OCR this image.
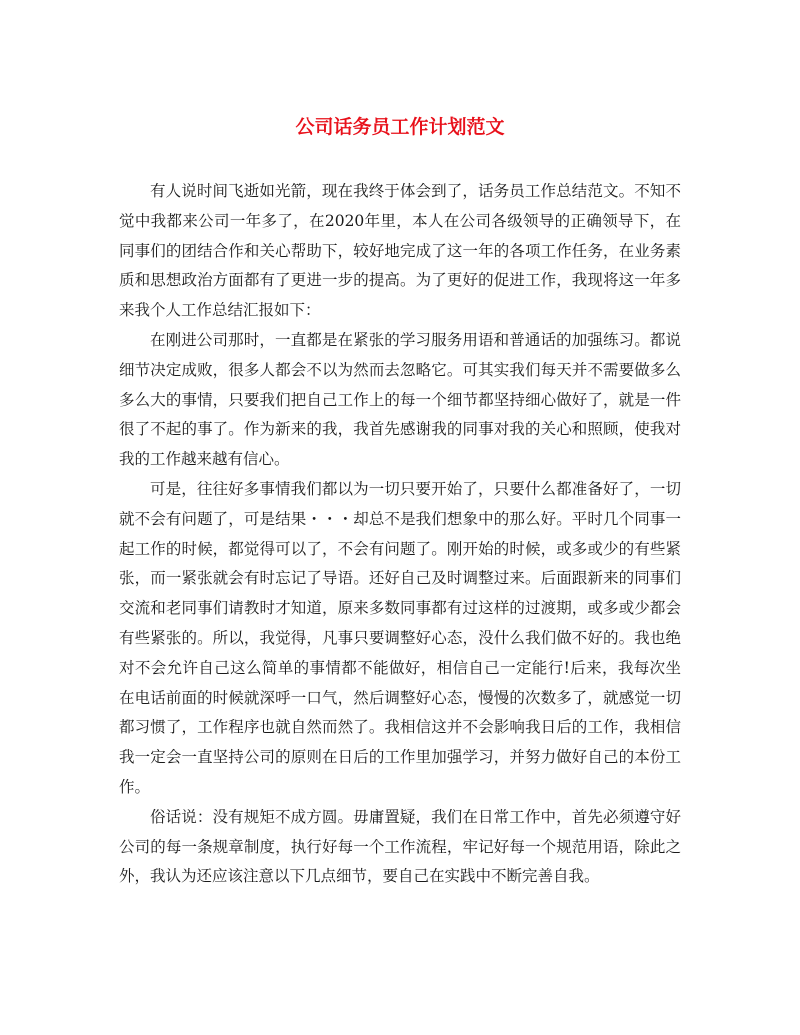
公司话务员工作计划范文

有人说时间飞逝如光箭，现在我终于体会到了，话务员工作总结范文。不知不觉中我都来公司一年多了，在2020年里，本人在公司各级领导的正确领导下，在同事们的团结合作和关心帮助下，较好地完成了这一年的各项工作任务，在业务素质和思想政治方面都有了更进一步的提高。为了更好的促进工作，我现将这一年多来我个人工作总结汇报如下：

在刚进公司那时，一直都是在紧张的学习服务用语和普通话的加强练习。都说细节决定成败，很多人都会不以为然而去忽略它。可其实我们每天并不需要做多么多么大的事情，只要我们把自己工作上的每一个细节都坚持细心做好了，就是一件很了不起的事了。作为新来的我，我首先感谢我的同事对我的关心和照顾，使我对我的工作越来越有信心。

可是，往往好多事情我们都以为一切只要开始了，只要什么都准备好了，一切就不会有问题了，可是结果・・・却总不是我们想象中的那么好。平时几个同事一起工作的时候，都觉得可以了，不会有问题了。刚开始的时候，或多或少的有些紧张，而一紧张就会有时忘记了导语。还好自己及时调整过来。后面跟新来的同事们交流和老同事们请教时才知道，原来多数同事都有过这样的过渡期，或多或少都会有些紧张的。所以，我觉得，凡事只要调整好心态，没什么我们做不好的。我也绝对不会允许自己这么简单的事情都不能做好，相信自己一定能行!后来，我每次坐在电话前面的时候就深呼一口气，然后调整好心态，慢慢的次数多了，就感觉一切都习惯了，工作程序也就自然而然了。我相信这并不会影响我日后的工作，我相信我一定会一直坚持公司的原则在日后的工作里加强学习，并努力做好自己的本份工作。

俗话说：没有规矩不成方圆。毋庸置疑，我们在日常工作中，首先必须遵守好公司的每一条规章制度，执行好每一个工作流程，牢记好每一个规范用语，除此之外，我认为还应该注意以下几点细节，要自己在实践中不断完善自我。
